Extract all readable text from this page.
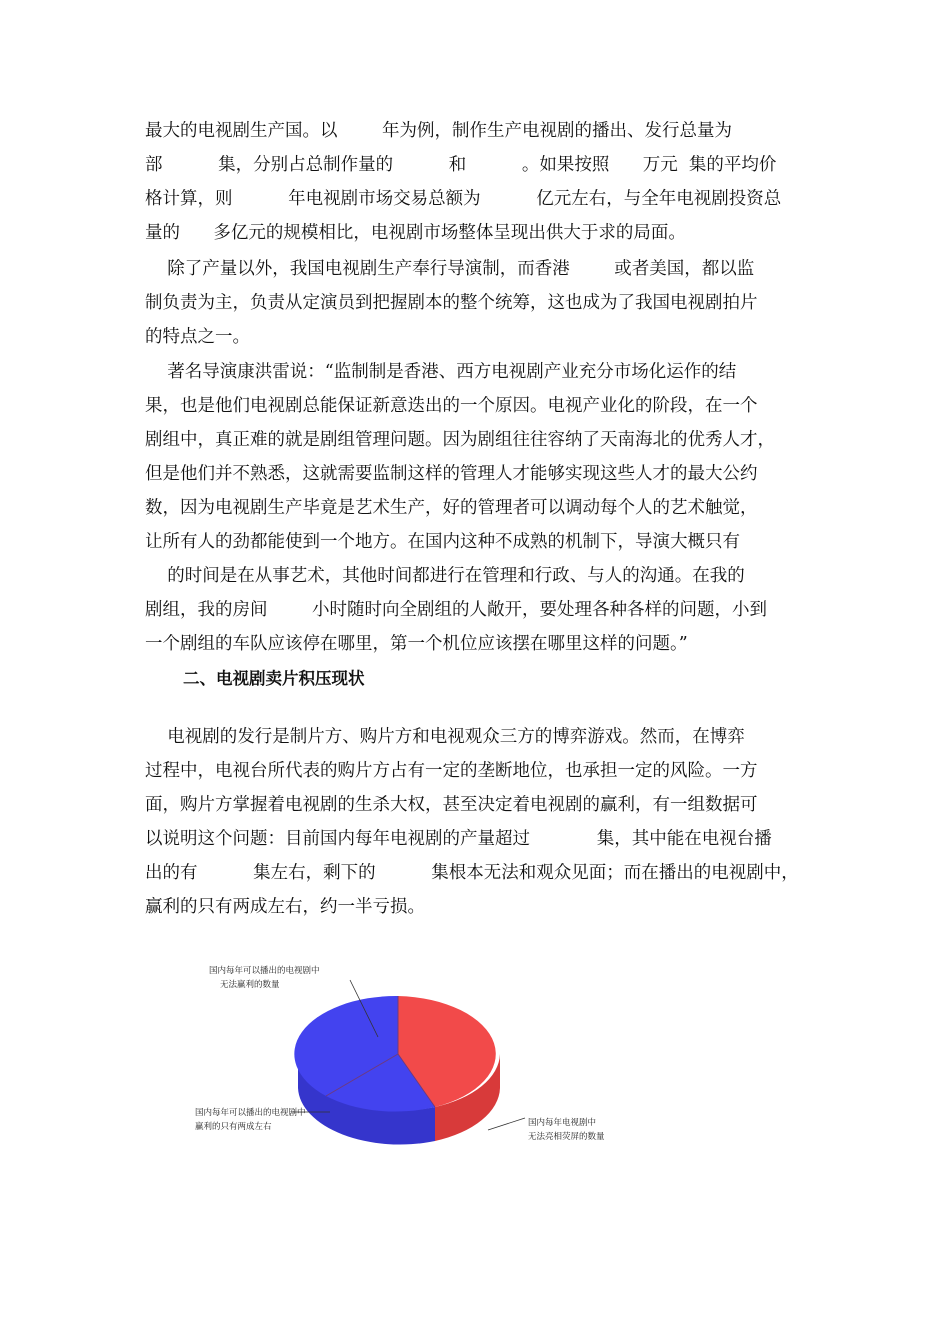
最大的电视剧生产国。以        年为例，制作生产电视剧的播出、发行总量为
部          集，分别占总制作量的          和          。如果按照      万元  集的平均价
格计算，则          年电视剧市场交易总额为          亿元左右，与全年电视剧投资总
量的      多亿元的规模相比，电视剧市场整体呈现出供大于求的局面。
除了产量以外，我国电视剧生产奉行导演制，而香港        或者美国，都以监
制负责为主，负责从定演员到把握剧本的整个统筹，这也成为了我国电视剧拍片
的特点之一。
著名导演康洪雷说：“监制制是香港、西方电视剧产业充分市场化运作的结
果，也是他们电视剧总能保证新意迭出的一个原因。电视产业化的阶段，在一个
剧组中，真正难的就是剧组管理问题。因为剧组往往容纳了天南海北的优秀人才，
但是他们并不熟悉，这就需要监制这样的管理人才能够实现这些人才的最大公约
数，因为电视剧生产毕竟是艺术生产，好的管理者可以调动每个人的艺术触觉，
让所有人的劲都能使到一个地方。在国内这种不成熟的机制下，导演大概只有
的时间是在从事艺术，其他时间都进行在管理和行政、与人的沟通。在我的
剧组，我的房间        小时随时向全剧组的人敞开，要处理各种各样的问题，小到
一个剧组的车队应该停在哪里，第一个机位应该摆在哪里这样的问题。”
二、电视剧卖片积压现状
电视剧的发行是制片方、购片方和电视观众三方的博弈游戏。然而，在博弈
过程中，电视台所代表的购片方占有一定的垄断地位，也承担一定的风险。一方
面，购片方掌握着电视剧的生杀大权，甚至决定着电视剧的赢利，有一组数据可
以说明这个问题：目前国内每年电视剧的产量超过            集，其中能在电视台播
出的有          集左右，剩下的          集根本无法和观众见面；而在播出的电视剧中，
赢利的只有两成左右，约一半亏损。
国内每年可以播出的电视剧中
无法赢利的数量
国内每年电视剧中
无法亮相荧屏的数量
国内每年可以播出的电视剧中
赢利的只有两成左右
